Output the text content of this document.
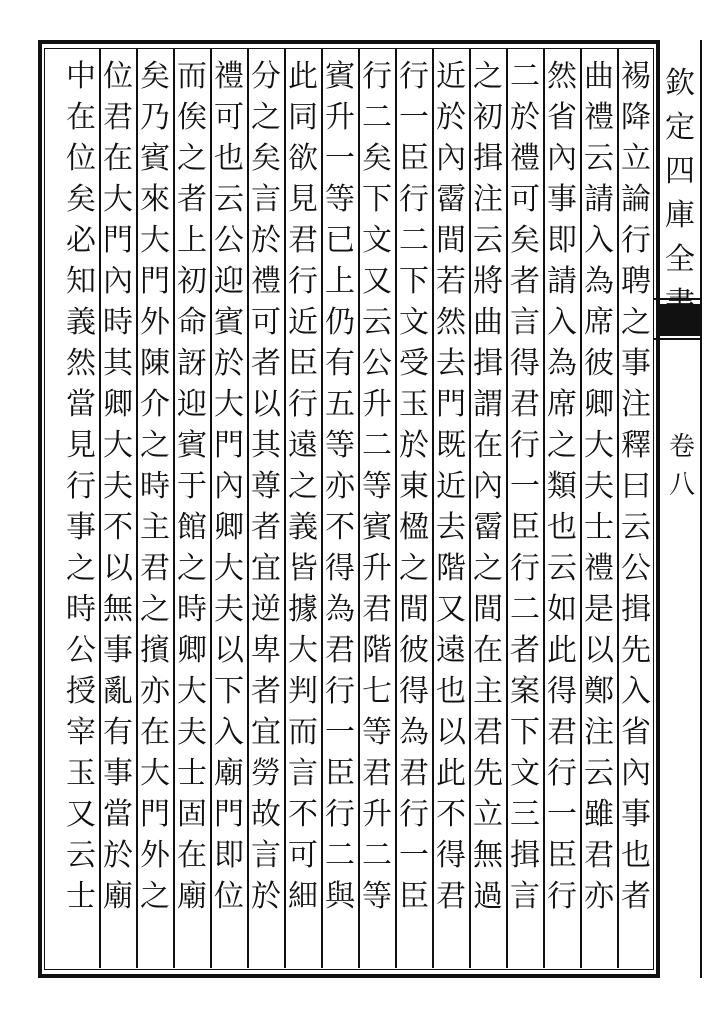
裼
降
立
論
行
聘
之
事
注
釋
曰
云
公
揖
先
入
省
內
事
也
者
曲
禮
云
請
入
為
席
彼
卿
大
夫
士
禮
是
以
鄭
注
云
雖
君
亦
然
省
內
事
即
請
入
為
席
之
類
也
云
如
此
得
君
行
一
臣
行
二
於
禮
可
矣
者
言
得
君
行
一
臣
行
二
者
案
下
文
三
揖
言
之
初
揖
注
云
將
曲
揖
謂
在
內
霤
之
間
在
主
君
先
立
無
過
近
於
內
霤
間
若
然
去
門
既
近
去
階
又
遠
也
以
此
不
得
君
行
一
臣
行
二
下
文
受
玉
於
東
楹
之
間
彼
得
為
君
行
一
臣
行
二
矣
下
文
又
云
公
升
二
等
賓
升
君
階
七
等
君
升
二
等
賓
升
一
等
已
上
仍
有
五
等
亦
不
得
為
君
行
一
臣
行
二
與
此
同
欲
見
君
行
近
臣
行
遠
之
義
皆
據
大
判
而
言
不
可
細
分
之
矣
言
於
禮
可
者
以
其
尊
者
宜
逆
卑
者
宜
勞
故
言
於
禮
可
也
云
公
迎
賓
於
大
門
內
卿
大
夫
以
下
入
廟
門
即
位
而
俟
之
者
上
初
命
訝
迎
賓
于
館
之
時
卿
大
夫
士
固
在
廟
矣
乃
賓
來
大
門
外
陳
介
之
時
主
君
之
擯
亦
在
大
門
外
之
位
君
在
大
門
內
時
其
卿
大
夫
不
以
無
事
亂
有
事
當
於
廟
中
在
位
矣
必
知
義
然
當
見
行
事
之
時
公
授
宰
玉
又
云
士
欽
定
四
庫
全
卷
八
